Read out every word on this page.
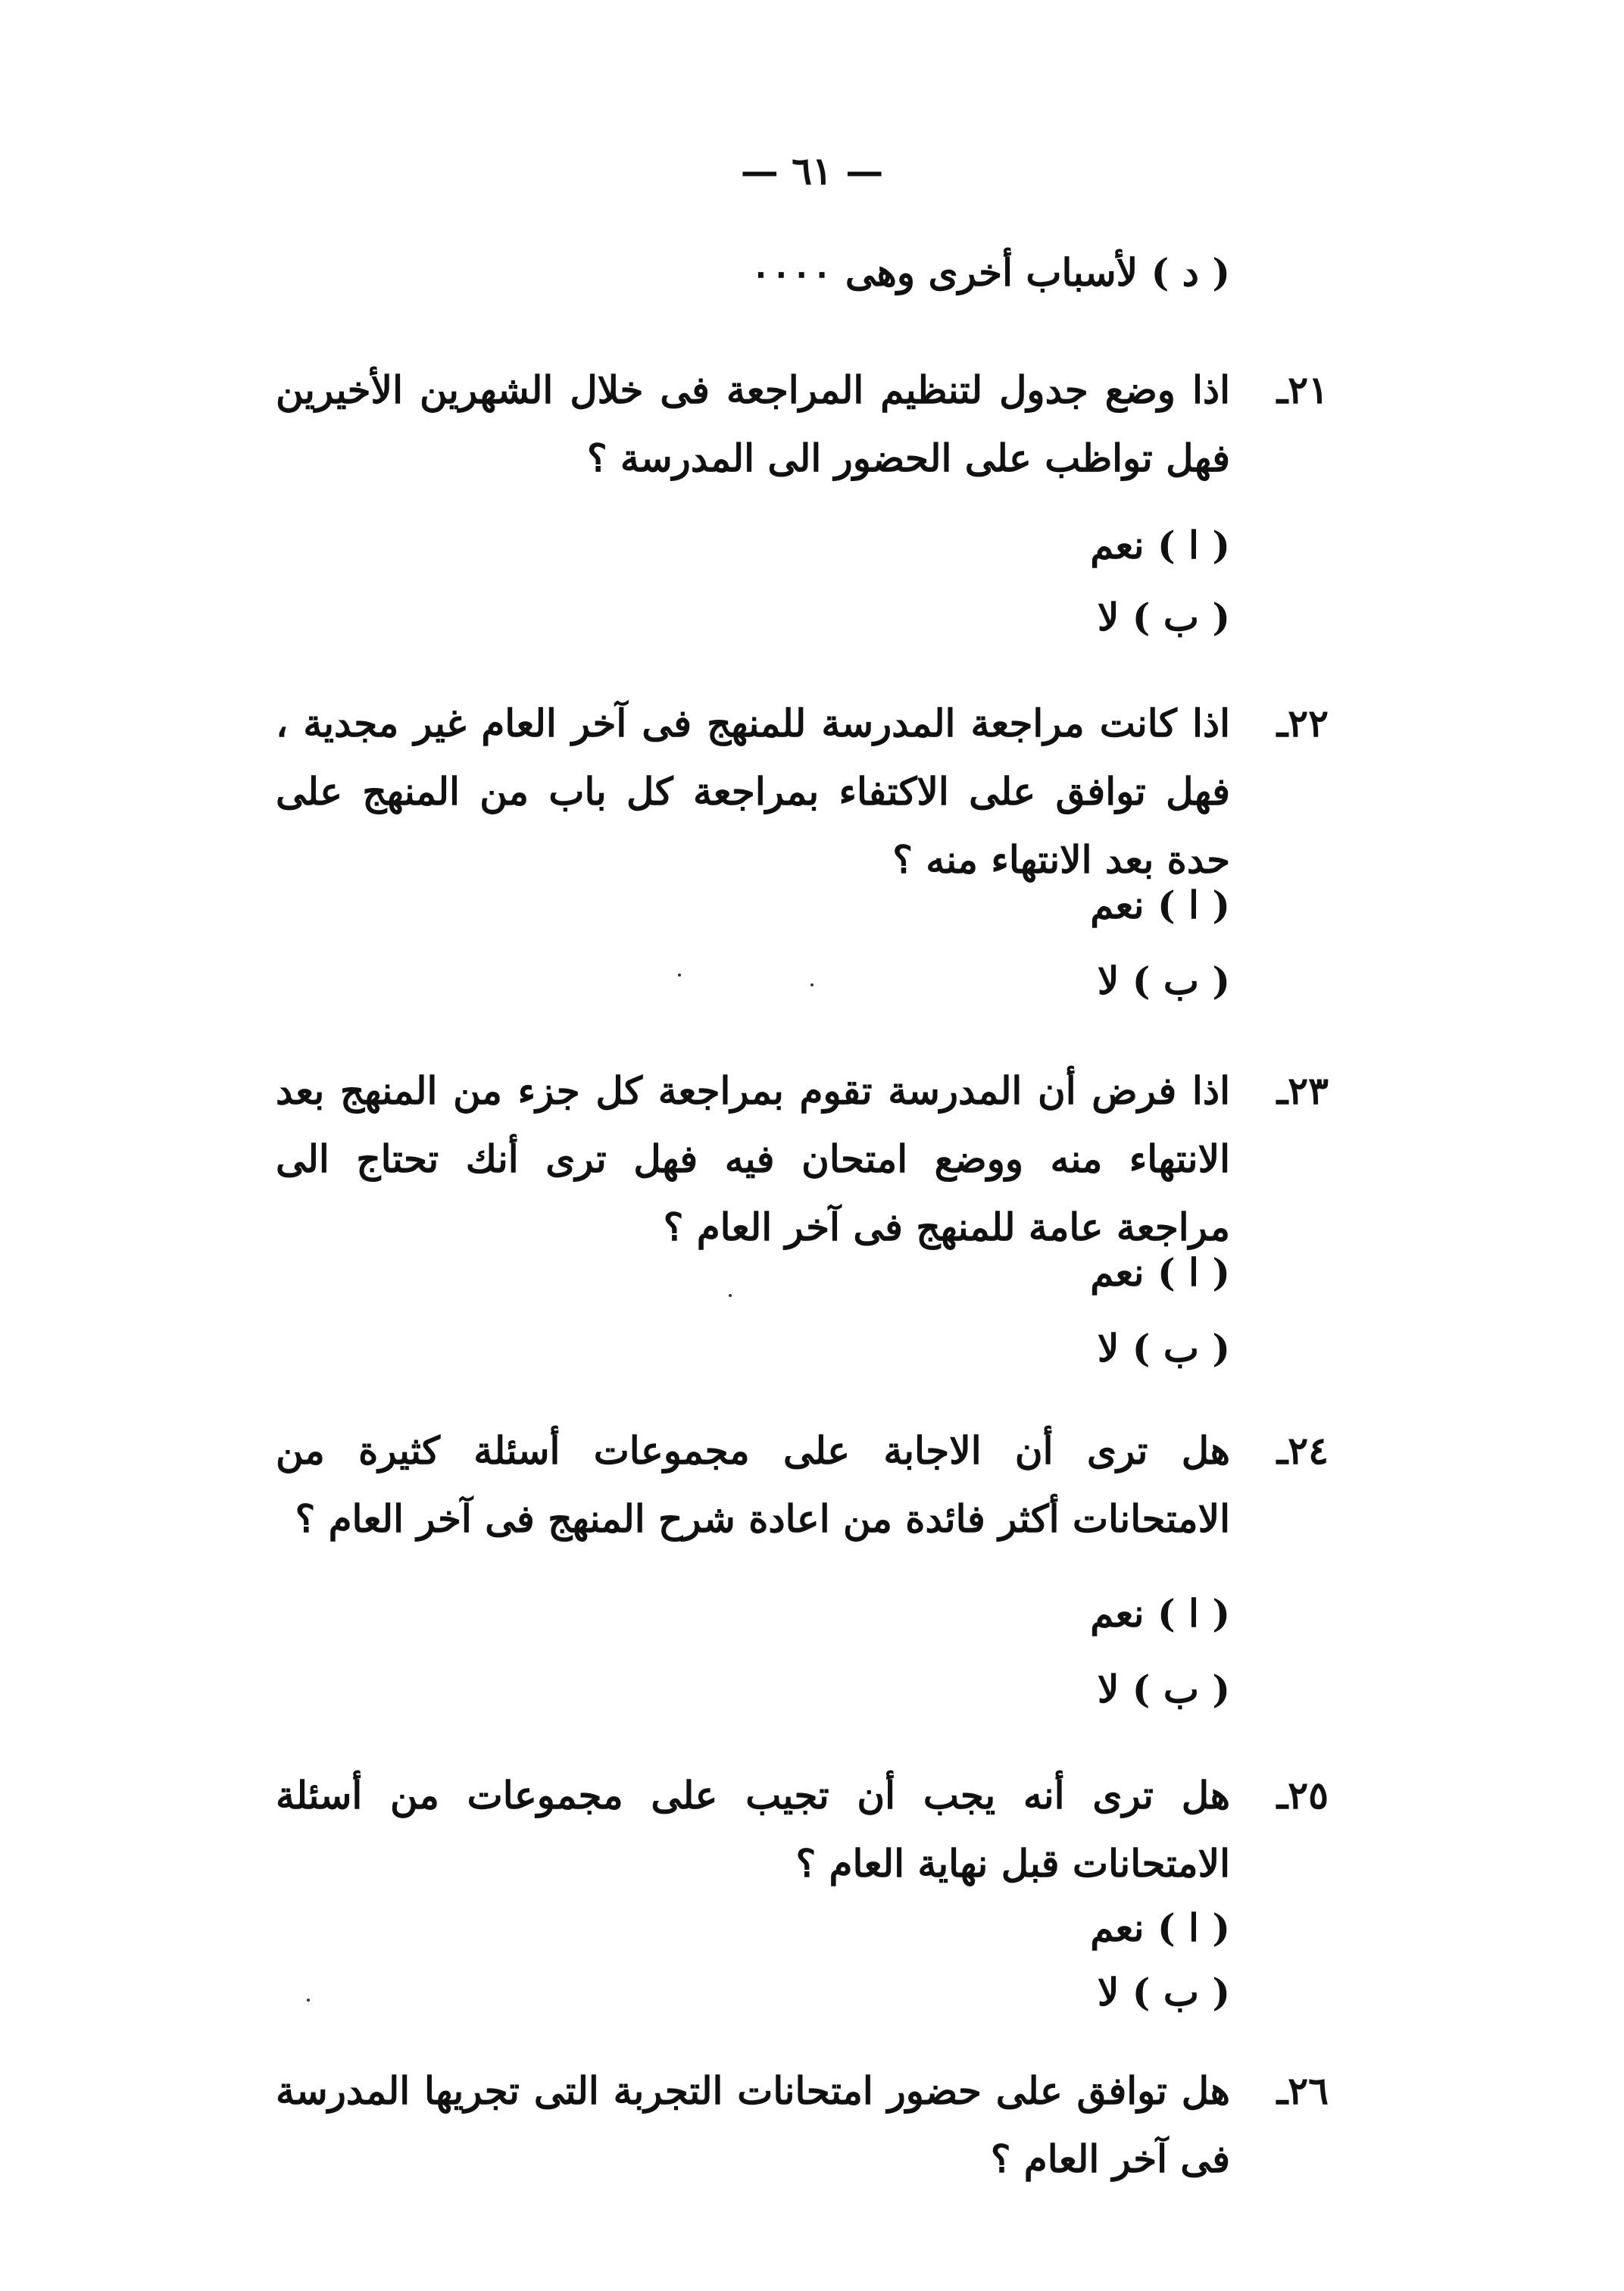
— ٦١ —
( د ) لأسباب أخرى وهى ٠٠٠٠
٢١ـ
اذا وضع جدول لتنظيم المراجعة فى خلال الشهرين الأخيرين فهل تواظب على الحضور الى المدرسة ؟
( ا ) نعم
( ب ) لا
٢٢ـ
اذا كانت مراجعة المدرسة للمنهج فى آخر العام غير مجدية ، فهل توافق على الاكتفاء بمراجعة كل باب من المنهج على حدة بعد الانتهاء منه ؟
( ا ) نعم
( ب ) لا
٢٣ـ
اذا فرض أن المدرسة تقوم بمراجعة كل جزء من المنهج بعد الانتهاء منه ووضع امتحان فيه فهل ترى أنك تحتاج الى مراجعة عامة للمنهج فى آخر العام ؟
( ا ) نعم
( ب ) لا
٢٤ـ
هل ترى أن الاجابة على مجموعات أسئلة كثيرة من الامتحانات أكثر فائدة من اعادة شرح المنهج فى آخر العام ؟
( ا ) نعم
( ب ) لا
٢٥ـ
هل ترى أنه يجب أن تجيب على مجموعات من أسئلة الامتحانات قبل نهاية العام ؟
( ا ) نعم
( ب ) لا
٢٦ـ
هل توافق على حضور امتحانات التجربة التى تجريها المدرسة فى آخر العام ؟
